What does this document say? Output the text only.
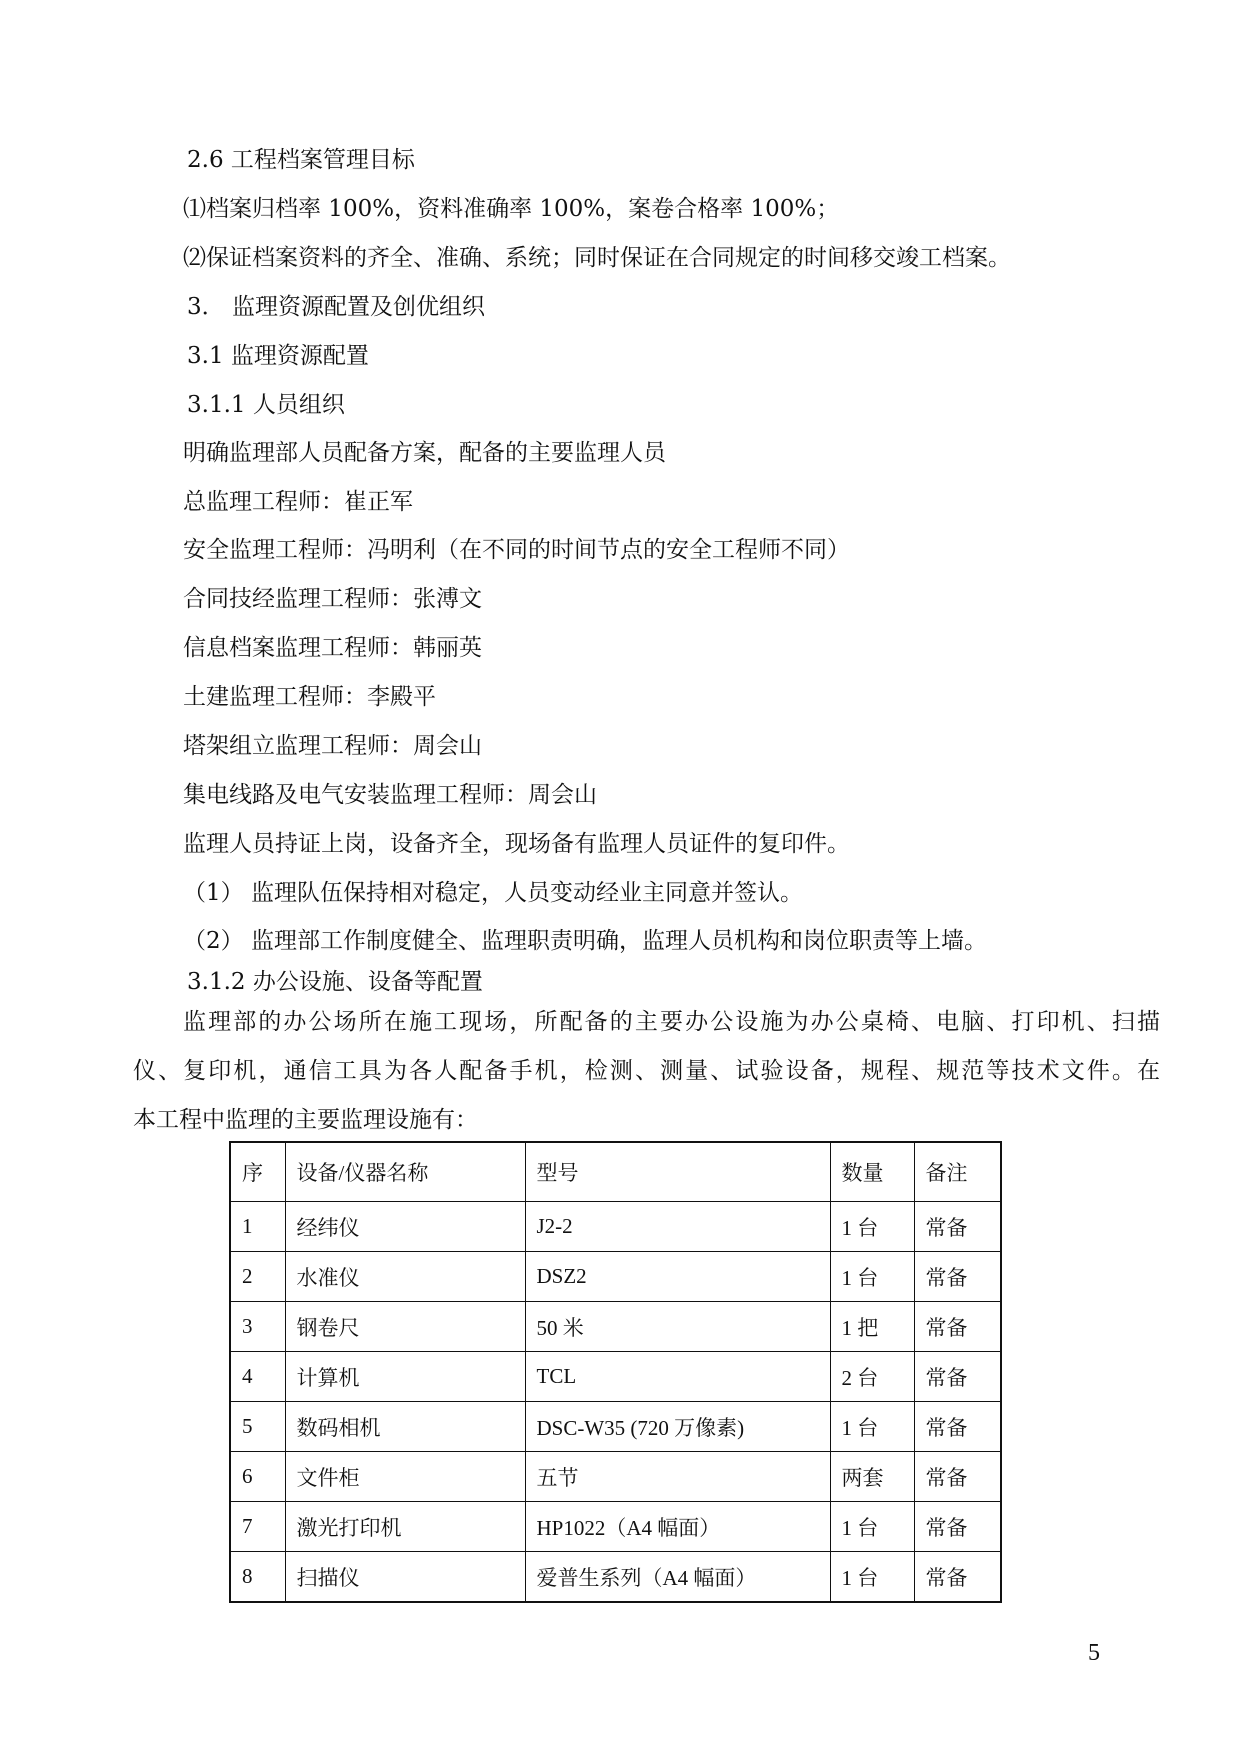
2.6 工程档案管理目标
⑴档案归档率 100%，资料准确率 100%，案卷合格率 100%；
⑵保证档案资料的齐全、准确、系统；同时保证在合同规定的时间移交竣工档案。
3． 监理资源配置及创优组织
3.1 监理资源配置
3.1.1 人员组织
明确监理部人员配备方案，配备的主要监理人员
总监理工程师：崔正军
安全监理工程师：冯明利（在不同的时间节点的安全工程师不同）
合同技经监理工程师：张溥文
信息档案监理工程师：韩丽英
土建监理工程师：李殿平
塔架组立监理工程师：周会山
集电线路及电气安装监理工程师：周会山
监理人员持证上岗，设备齐全，现场备有监理人员证件的复印件。
（1） 监理队伍保持相对稳定，人员变动经业主同意并签认。
（2） 监理部工作制度健全、监理职责明确，监理人员机构和岗位职责等上墙。
3.1.2 办公设施、设备等配置
监理部的办公场所在施工现场，所配备的主要办公设施为办公桌椅、电脑、打印机、扫描
仪、复印机，通信工具为各人配备手机，检测、测量、试验设备，规程、规范等技术文件。在
本工程中监理的主要监理设施有：
序	设备/仪器名称	型号	数量	备注
1	经纬仪	J2-2	1 台	常备
2	水准仪	DSZ2	1 台	常备
3	钢卷尺	50 米	1 把	常备
4	计算机	TCL	2 台	常备
5	数码相机	DSC-W35 (720 万像素)	1 台	常备
6	文件柜	五节	两套	常备
7	激光打印机	HP1022（A4 幅面）	1 台	常备
8	扫描仪	爱普生系列（A4 幅面）	1 台	常备
5
